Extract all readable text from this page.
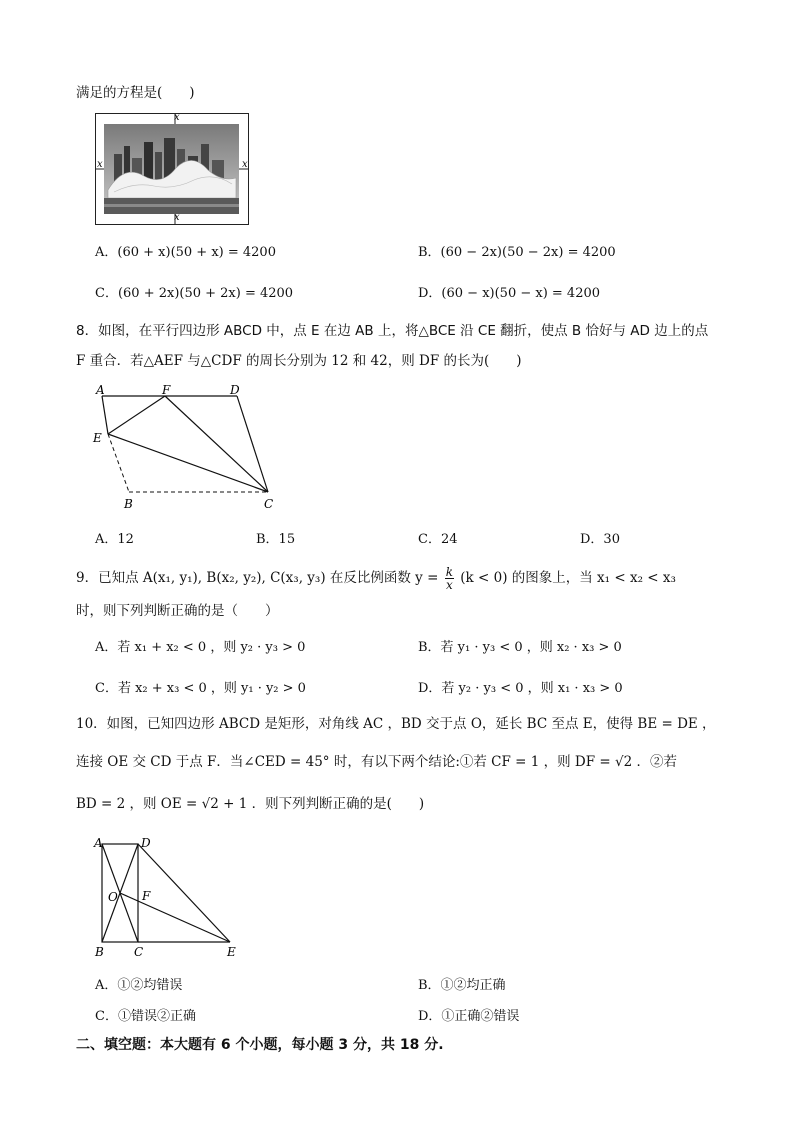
满足的方程是(　　)
x
x
x	x
A．(60 + x)(50 + x) = 4200	B．(60 − 2x)(50 − 2x) = 4200
C．(60 + 2x)(50 + 2x) = 4200	D．(60 − x)(50 − x) = 4200
8．如图，在平行四边形 ABCD 中，点 E 在边 AB 上，将△BCE 沿 CE 翻折，使点 B 恰好与 AD 边上的点
F 重合．若△AEF 与△CDF 的周长分别为 12 和 42，则 DF 的长为(　　)
A	F	D
E
B	C
A．12	B．15	C．24	D．30
9．已知点 A(x₁, y₁), B(x₂, y₂), C(x₃, y₃) 在反比例函数 $y = \frac{k}{x} (k < 0)$ 的图象上，当 x₁ < x₂ < x₃
时，则下列判断正确的是（　　）
A．若 x₁ + x₂ < 0 ，则 y₂ · y₃ > 0	B．若 y₁ · y₃ < 0 ，则 x₂ · x₃ > 0
C．若 x₂ + x₃ < 0 ，则 y₁ · y₂ > 0	D．若 y₂ · y₃ < 0 ，则 x₁ · x₃ > 0
10．如图，已知四边形 ABCD 是矩形，对角线 AC ，BD 交于点 O，延长 BC 至点 E，使得 BE = DE ，
连接 OE 交 CD 于点 F．当∠CED = 45° 时，有以下两个结论:①若 CF = 1 ，则 DF = √2 ．②若
BD = 2 ，则 OE = √2 + 1 ．则下列判断正确的是(　　)
A	D
O F
B	C	E
A．①②均错误	B．①②均正确
C．①错误②正确	D．①正确②错误
二、填空题：本大题有 6 个小题，每小题 3 分，共 18 分.
